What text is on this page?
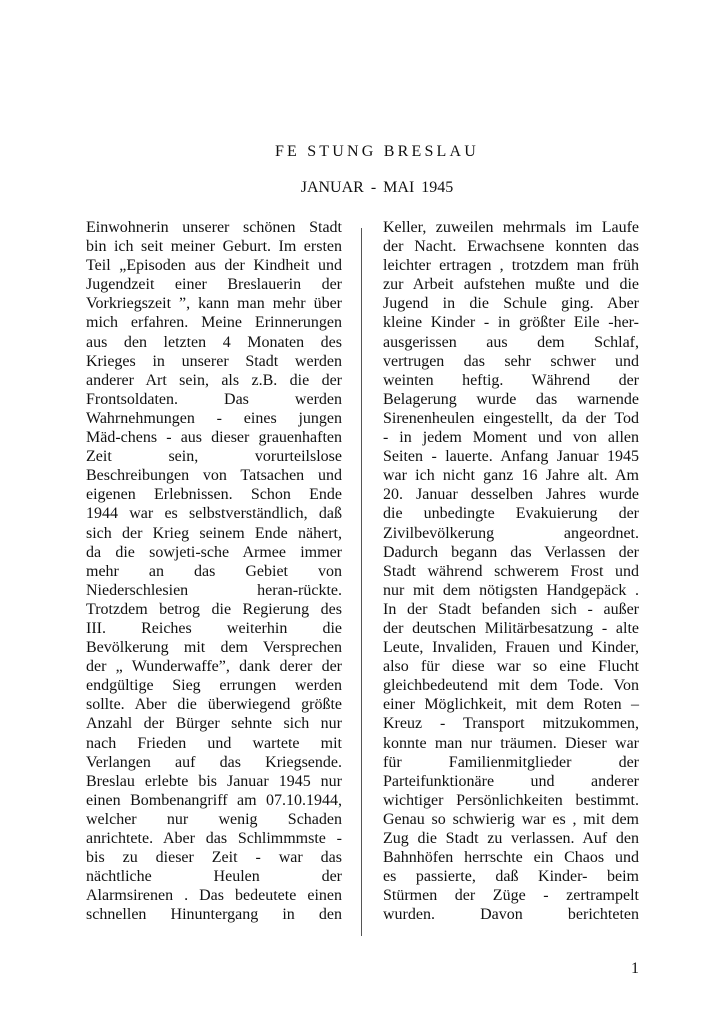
FE STUNG BRESLAU
JANUAR - MAI 1945
Einwohnerin unserer schönen Stadt
bin ich seit meiner Geburt. Im ersten
Teil „Episoden aus der Kindheit und
Jugendzeit einer Breslauerin der
Vorkriegszeit ”, kann man mehr über
mich erfahren. Meine Erinnerungen
aus den letzten 4 Monaten des
Krieges in unserer Stadt werden
anderer Art sein, als z.B. die der
Frontsoldaten. Das werden
Wahrnehmungen - eines jungen
Mäd-chens - aus dieser grauenhaften
Zeit sein, vorurteilslose
Beschreibungen von Tatsachen und
eigenen Erlebnissen. Schon Ende
1944 war es selbstverständlich, daß
sich der Krieg seinem Ende nähert,
da die sowjeti-sche Armee immer
mehr an das Gebiet von
Niederschlesien heran-rückte.
Trotzdem betrog die Regierung des
III. Reiches weiterhin die
Bevölkerung mit dem Versprechen
der „ Wunderwaffe”, dank derer der
endgültige Sieg errungen werden
sollte. Aber die überwiegend größte
Anzahl der Bürger sehnte sich nur
nach Frieden und wartete mit
Verlangen auf das Kriegsende.
Breslau erlebte bis Januar 1945 nur
einen Bombenangriff am 07.10.1944,
welcher nur wenig Schaden
anrichtete. Aber das Schlimmmste -
bis zu dieser Zeit - war das
nächtliche Heulen der
Alarmsirenen . Das bedeutete einen
schnellen Hinuntergang in den
Keller, zuweilen mehrmals im Laufe
der Nacht. Erwachsene konnten das
leichter ertragen , trotzdem man früh
zur Arbeit aufstehen mußte und die
Jugend in die Schule ging. Aber
kleine Kinder - in größter Eile -her-
ausgerissen aus dem Schlaf,
vertrugen das sehr schwer und
weinten heftig. Während der
Belagerung wurde das warnende
Sirenenheulen eingestellt, da der Tod
- in jedem Moment und von allen
Seiten - lauerte. Anfang Januar 1945
war ich nicht ganz 16 Jahre alt. Am
20. Januar desselben Jahres wurde
die unbedingte Evakuierung der
Zivilbevölkerung angeordnet.
Dadurch begann das Verlassen der
Stadt während schwerem Frost und
nur mit dem nötigsten Handgepäck .
In der Stadt befanden sich - außer
der deutschen Militärbesatzung - alte
Leute, Invaliden, Frauen und Kinder,
also für diese war so eine Flucht
gleichbedeutend mit dem Tode. Von
einer Möglichkeit, mit dem Roten –
Kreuz - Transport mitzukommen,
konnte man nur träumen. Dieser war
für Familienmitglieder der
Parteifunktionäre und anderer
wichtiger Persönlichkeiten bestimmt.
Genau so schwierig war es , mit dem
Zug die Stadt zu verlassen. Auf den
Bahnhöfen herrschte ein Chaos und
es passierte, daß Kinder- beim
Stürmen der Züge - zertrampelt
wurden. Davon berichteten
1
